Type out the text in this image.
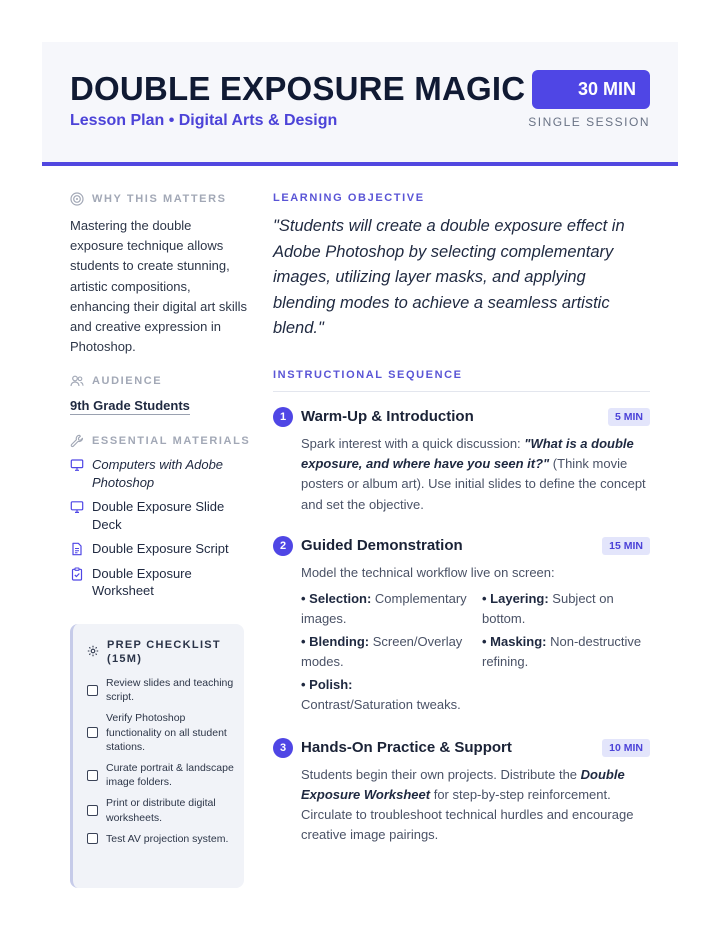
DOUBLE EXPOSURE MAGIC
Lesson Plan • Digital Arts & Design
30 MIN
SINGLE SESSION
WHY THIS MATTERS

Mastering the double exposure technique allows students to create stunning, artistic compositions, enhancing their digital art skills and creative expression in Photoshop.

AUDIENCE
9th Grade Students
ESSENTIAL MATERIALS
Computers with Adobe Photoshop
Double Exposure Slide Deck
Double Exposure Script
Double Exposure Worksheet
PREP CHECKLIST (15M)
Review slides and teaching script.
Verify Photoshop functionality on all student stations.
Curate portrait & landscape image folders.
Print or distribute digital worksheets.
Test AV projection system.
LEARNING OBJECTIVE

"Students will create a double exposure effect in Adobe Photoshop by selecting complementary images, utilizing layer masks, and applying blending modes to achieve a seamless artistic blend."

INSTRUCTIONAL SEQUENCE
1 Warm-Up & Introduction	5 MIN

Spark interest with a quick discussion: "What is a double exposure, and where have you seen it?" (Think movie posters or album art). Use initial slides to define the concept and set the objective.

2 Guided Demonstration	15 MIN

Model the technical workflow live on screen:

• Selection: Complementary images.
• Layering: Subject on bottom.
• Blending: Screen/Overlay modes.
• Masking: Non-destructive refining.
• Polish:
Contrast/Saturation tweaks.
3 Hands-On Practice & Support	10 MIN

Students begin their own projects. Distribute the Double Exposure Worksheet for step-by-step reinforcement. Circulate to troubleshoot technical hurdles and encourage creative image pairings.
